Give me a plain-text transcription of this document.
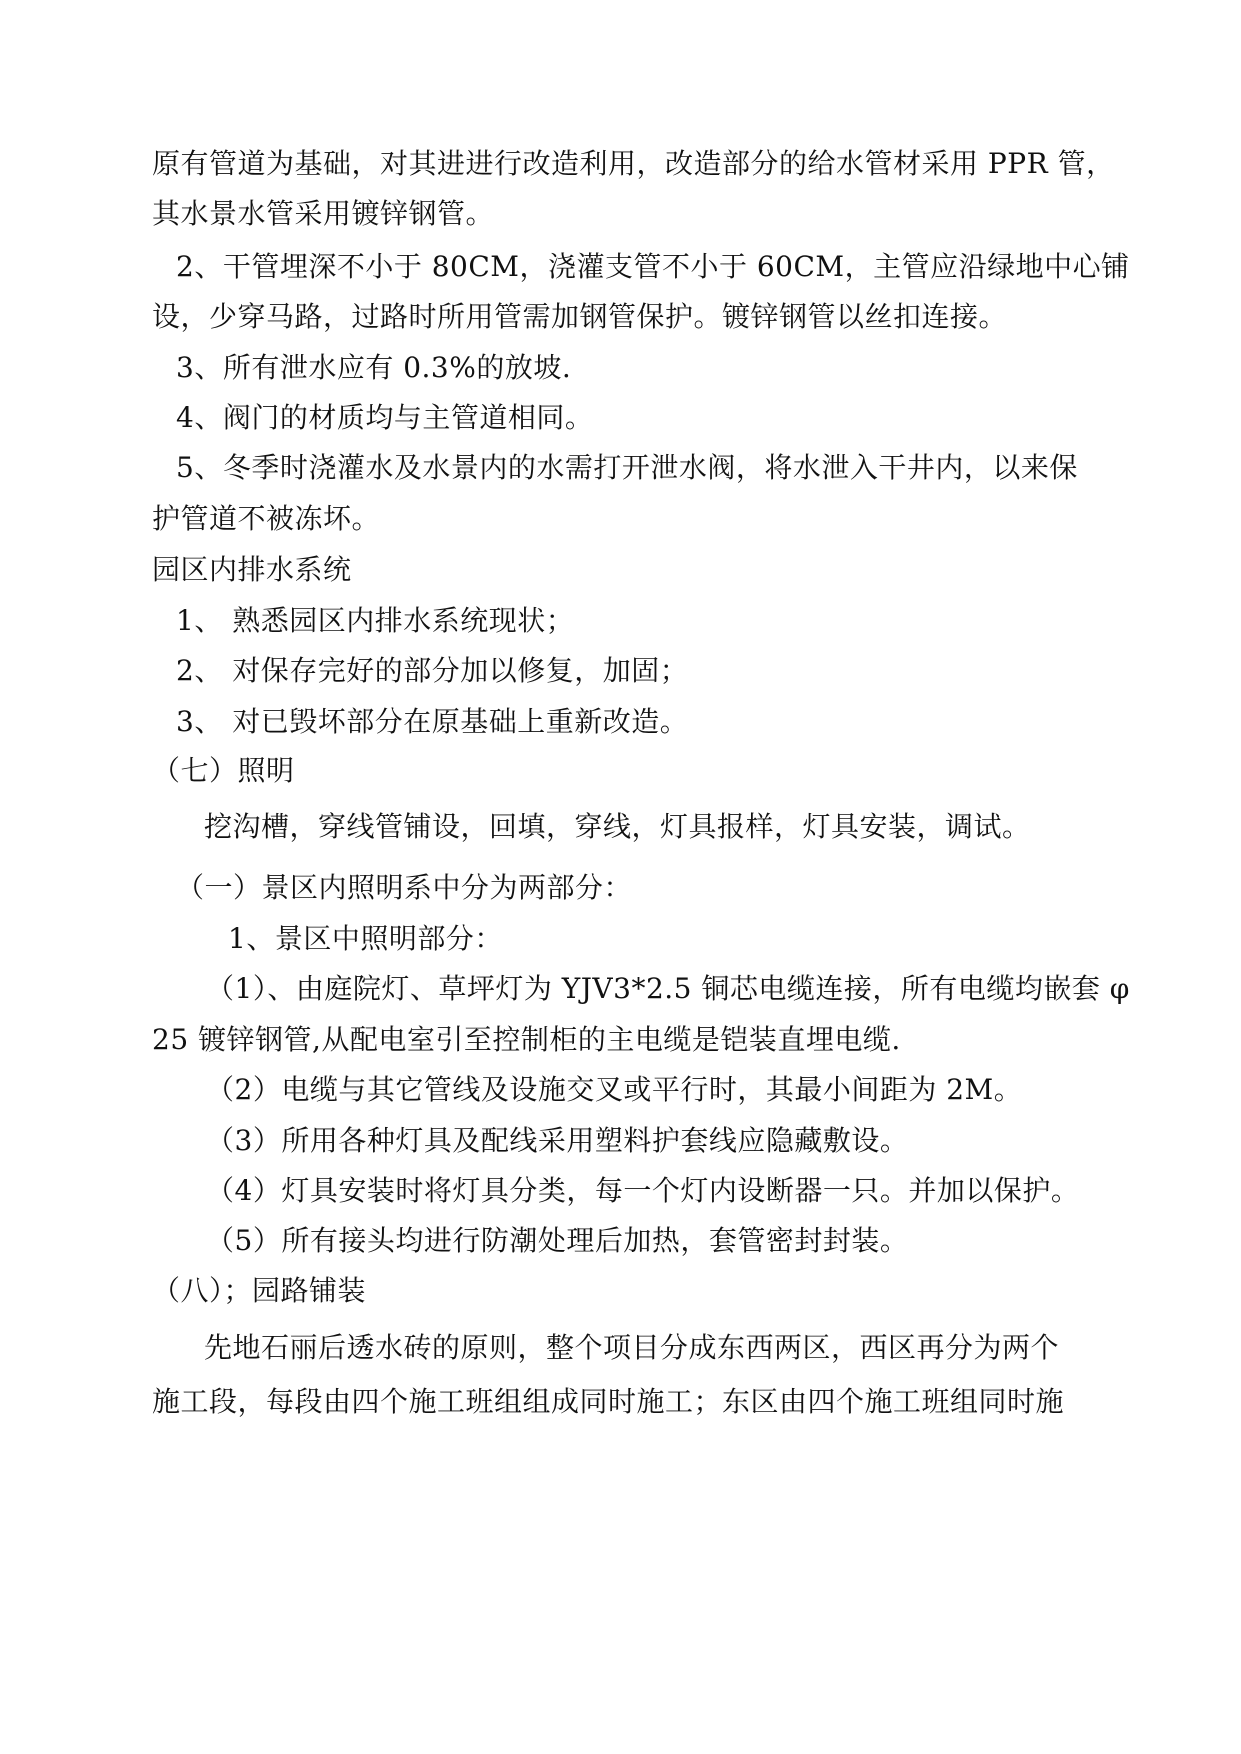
原有管道为基础，对其进进行改造利用，改造部分的给水管材采用 PPR 管，
其水景水管采用镀锌钢管。
2、干管埋深不小于 80CM，浇灌支管不小于 60CM，主管应沿绿地中心铺
设，少穿马路，过路时所用管需加钢管保护。镀锌钢管以丝扣连接。
3、所有泄水应有 0.3%的放坡.
4、阀门的材质均与主管道相同。
5、冬季时浇灌水及水景内的水需打开泄水阀，将水泄入干井内，以来保
护管道不被冻坏。
园区内排水系统
1、 熟悉园区内排水系统现状；
2、 对保存完好的部分加以修复，加固；
3、 对已毁坏部分在原基础上重新改造。
（七）照明
挖沟槽，穿线管铺设，回填，穿线，灯具报样，灯具安装，调试。
（一）景区内照明系中分为两部分：
1、景区中照明部分：
（1）、由庭院灯、草坪灯为 YJV3*2.5 铜芯电缆连接，所有电缆均嵌套 φ
25 镀锌钢管,从配电室引至控制柜的主电缆是铠装直埋电缆.
（2）电缆与其它管线及设施交叉或平行时，其最小间距为 2M。
（3）所用各种灯具及配线采用塑料护套线应隐藏敷设。
（4）灯具安装时将灯具分类，每一个灯内设断器一只。并加以保护。
（5）所有接头均进行防潮处理后加热，套管密封封装。
（八）；园路铺装
先地石丽后透水砖的原则，整个项目分成东西两区，西区再分为两个
施工段，每段由四个施工班组组成同时施工；东区由四个施工班组同时施
